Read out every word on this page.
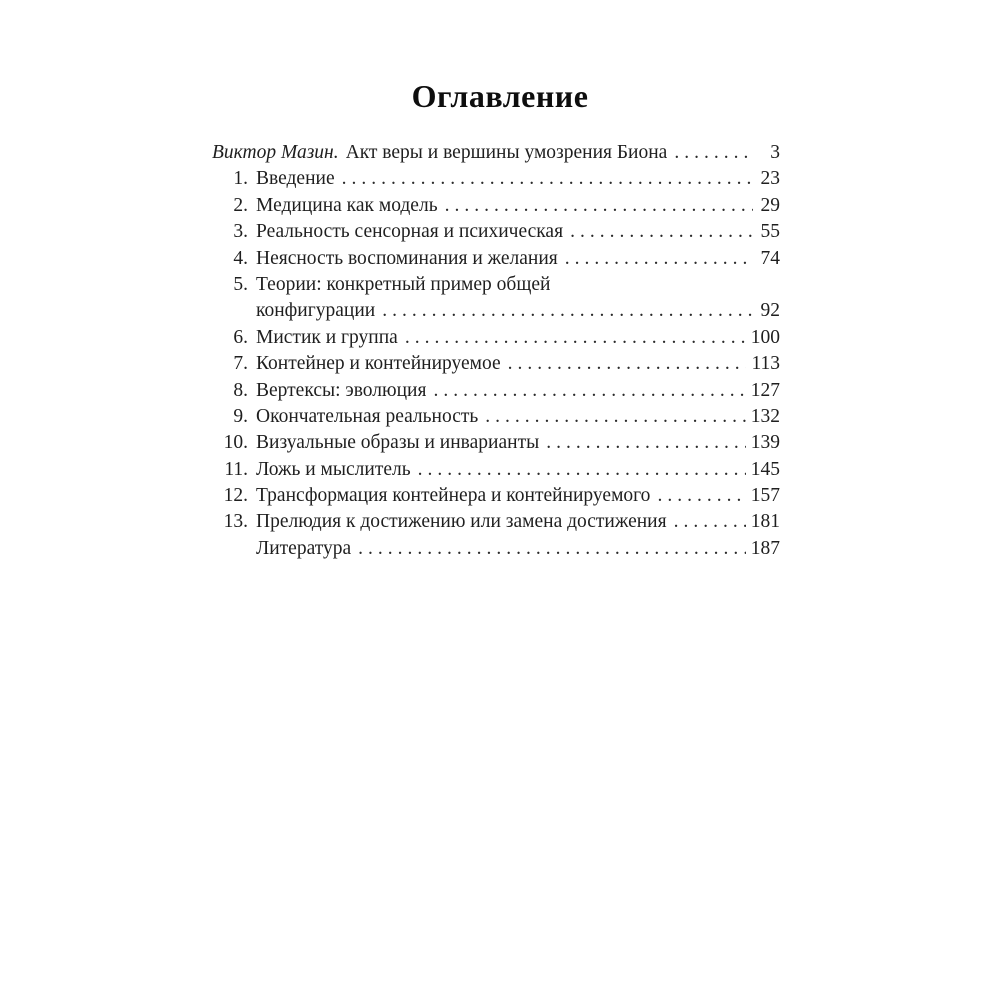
Оглавление
Виктор Мазин. Акт веры и вершины умозрения Биона .....	3
1. Введение .....	23
2. Медицина как модель .....	29
3. Реальность сенсорная и психическая .....	55
4. Неясность воспоминания и желания .....	74
5. Теории: конкретный пример общей
конфигурации .....	92
6. Мистик и группа .....	100
7. Контейнер и контейнируемое .....	113
8. Вертексы: эволюция .....	127
9. Окончательная реальность .....	132
10. Визуальные образы и инварианты .....	139
11. Ложь и мыслитель .....	145
12. Трансформация контейнера и контейнируемого .....	157
13. Прелюдия к достижению или замена достижения .....	181
Литература .....	187
